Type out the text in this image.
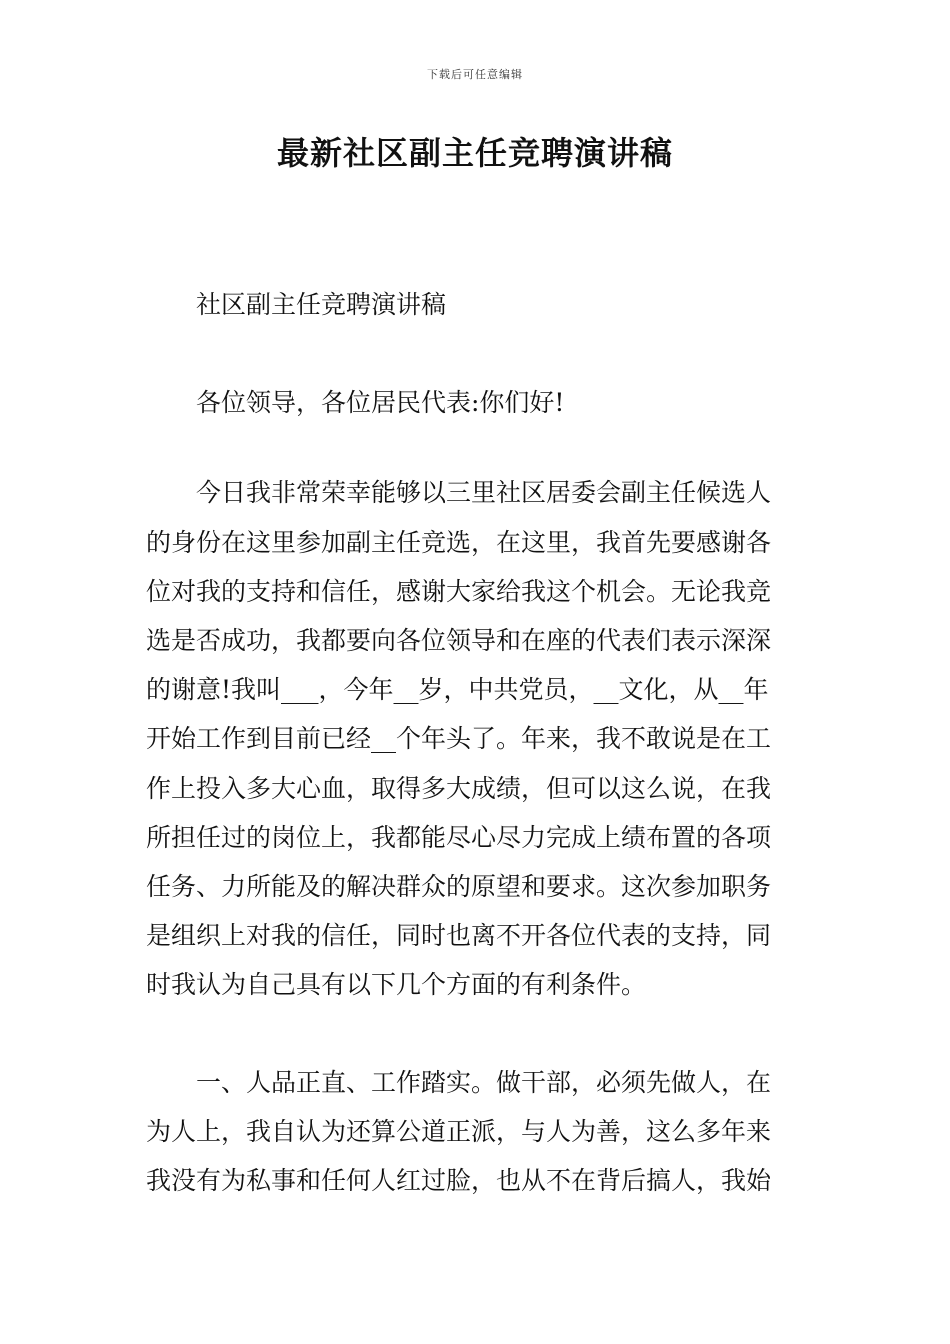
下载后可任意编辑
最新社区副主任竞聘演讲稿

社区副主任竞聘演讲稿

各位领导，各位居民代表:你们好!

今日我非常荣幸能够以三里社区居委会副主任候选人
的身份在这里参加副主任竞选，在这里，我首先要感谢各
位对我的支持和信任，感谢大家给我这个机会。无论我竞
选是否成功，我都要向各位领导和在座的代表们表示深深
的谢意!我叫___，今年__岁，中共党员，__文化，从__年
开始工作到目前已经__个年头了。年来，我不敢说是在工
作上投入多大心血，取得多大成绩，但可以这么说，在我
所担任过的岗位上，我都能尽心尽力完成上绩布置的各项
任务、力所能及的解决群众的原望和要求。这次参加职务
是组织上对我的信任，同时也离不开各位代表的支持，同
时我认为自己具有以下几个方面的有利条件。

一、人品正直、工作踏实。做干部，必须先做人，在
为人上，我自认为还算公道正派，与人为善，这么多年来
我没有为私事和任何人红过脸，也从不在背后搞人，我始
